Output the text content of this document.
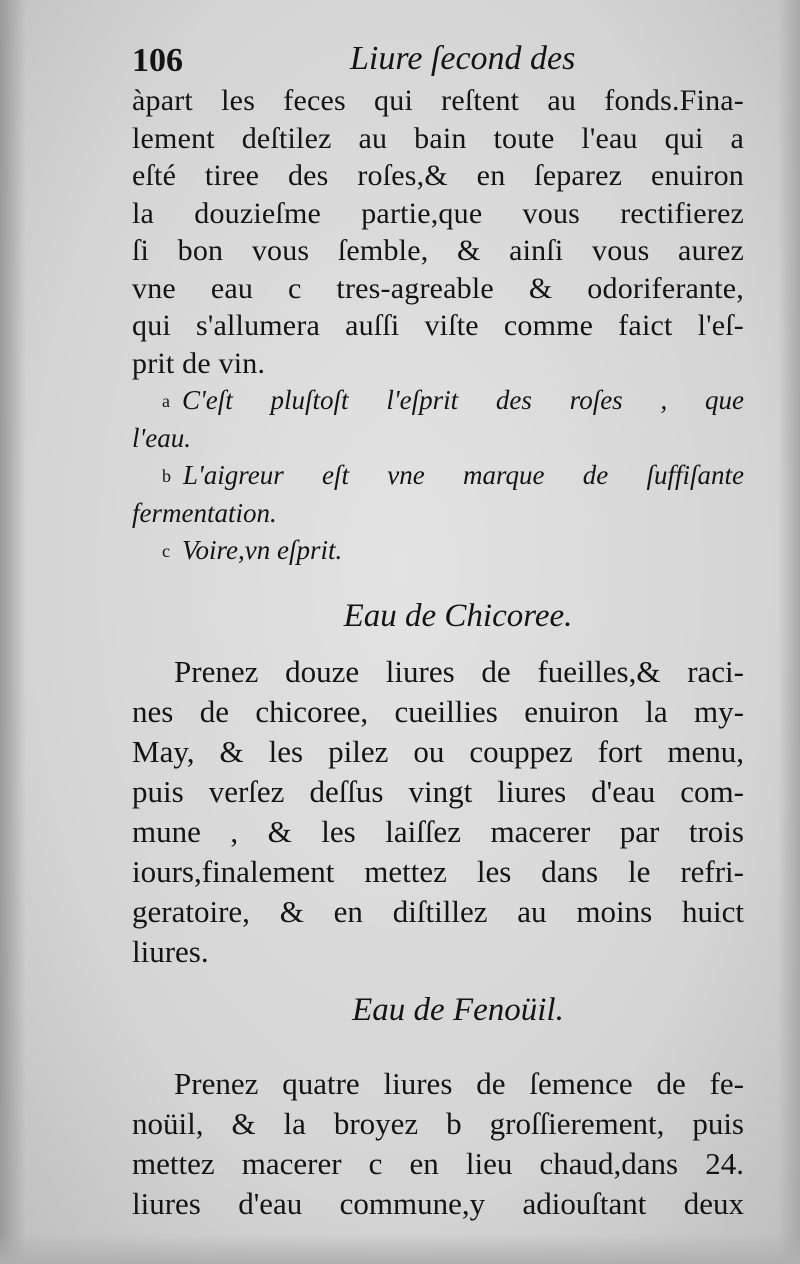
106	Liure ſecond des
àpart les feces qui reſtent au fonds.Fina-
lement deſtilez au bain toute l'eau qui a
eſté tiree des roſes,& en ſeparez enuiron
la douzieſme partie,que vous rectifierez
ſi bon vous ſemble, & ainſi vous aurez
vne eau c tres-agreable & odoriferante,
qui s'allumera auſſi viſte comme faict l'eſ-
prit de vin.
a C'eſt pluſtoſt l'eſprit des roſes , que
l'eau.
b L'aigreur eſt vne marque de ſuffiſante
fermentation.
c Voire,vn eſprit.
Eau de Chicoree.
Prenez douze liures de fueilles,& raci-
nes de chicoree, cueillies enuiron la my-
May, & les pilez ou couppez fort menu,
puis verſez deſſus vingt liures d'eau com-
mune , & les laiſſez macerer par trois
iours,finalement mettez les dans le refri-
geratoire, & en diſtillez au moins huict
liures.
Eau de Fenoüil.
Prenez quatre liures de ſemence de fe-
noüil, & la broyez b groſſierement, puis
mettez macerer c en lieu chaud,dans 24.
liures d'eau commune,y adiouſtant deux
